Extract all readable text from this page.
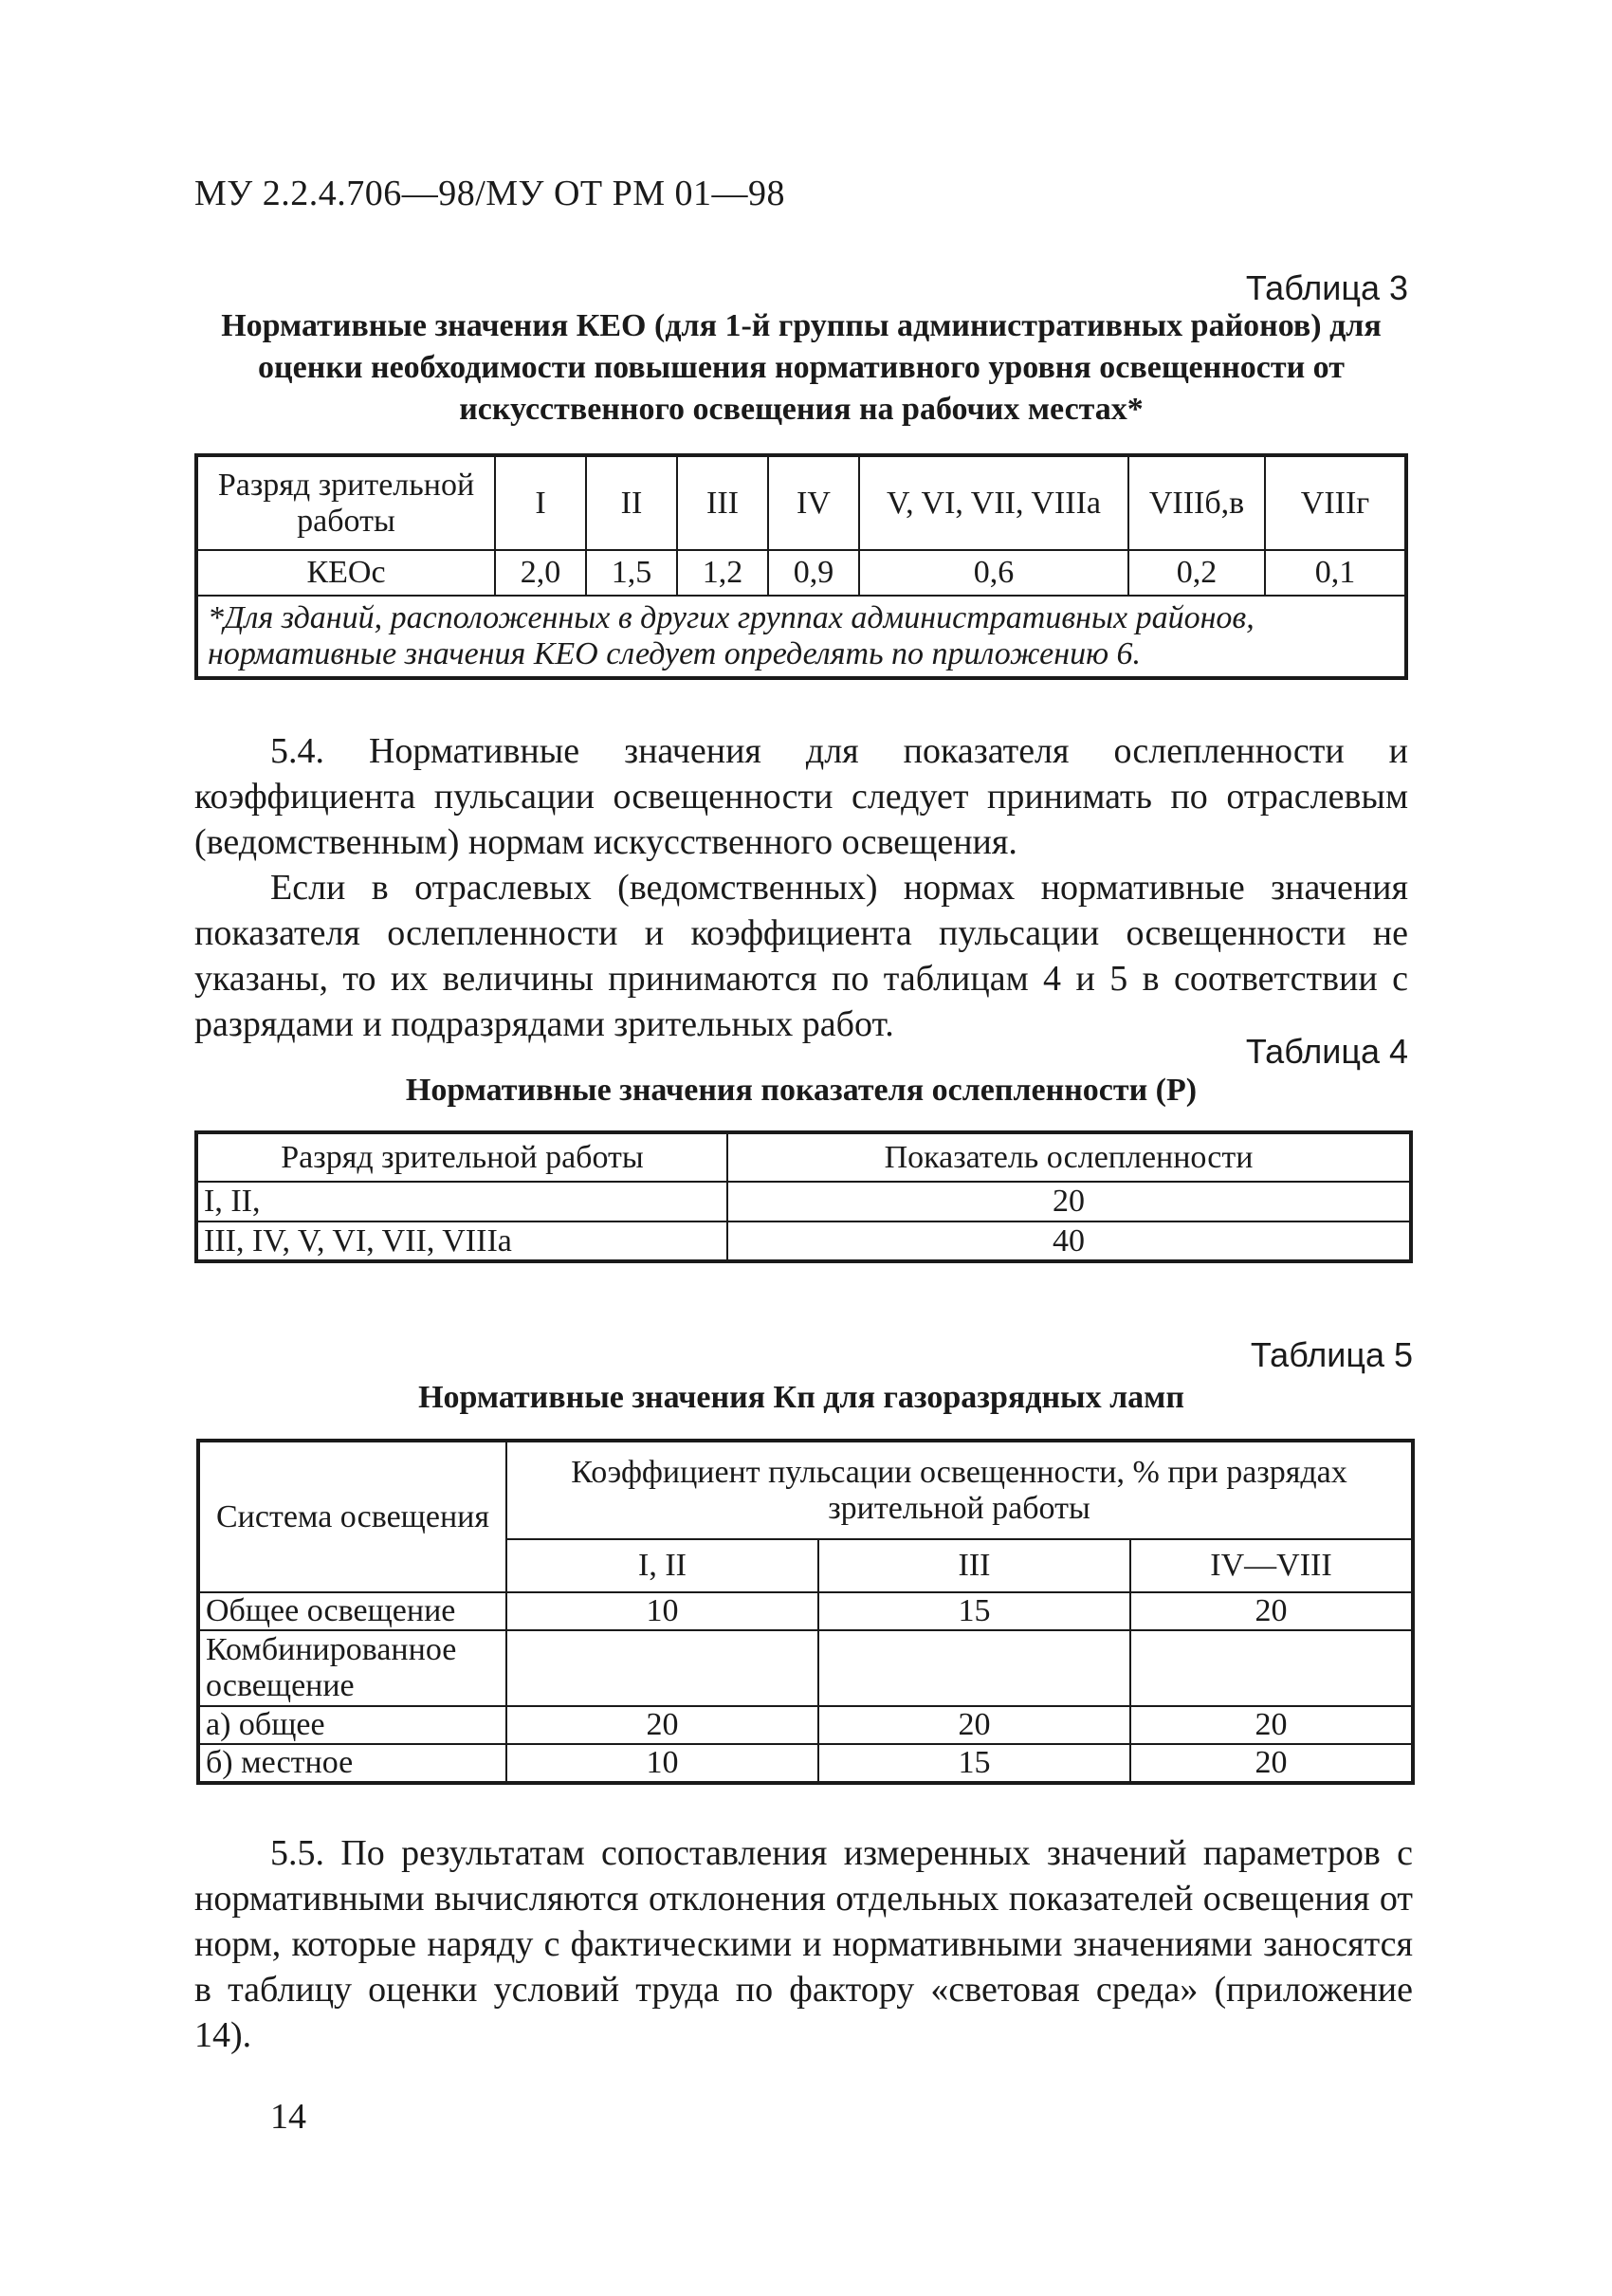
МУ 2.2.4.706—98/МУ ОТ РМ 01—98
Таблица 3
Нормативные значения КЕО (для 1-й группы административных районов) для оценки необходимости повышения нормативного уровня освещенности от искусственного освещения на рабочих местах*
Разряд зрительной работы	I	II	III	IV	V, VI, VII, VIIIа	VIIIб,в	VIIIг
КЕОс	2,0	1,5	1,2	0,9	0,6	0,2	0,1
*Для зданий, расположенных в других группах административных районов, нормативные значения КЕО следует определять по приложению 6.							

5.4. Нормативные значения для показателя ослепленности и коэффициента пульсации освещенности следует принимать по отраслевым (ведомственным) нормам искусственного освещения.

Если в отраслевых (ведомственных) нормах нормативные значения показателя ослепленности и коэффициента пульсации освещенности не указаны, то их величины принимаются по таблицам 4 и 5 в соответствии с разрядами и подразрядами зрительных работ.

Таблица 4
Нормативные значения показателя ослепленности (Р)
Разряд зрительной работы	Показатель ослепленности
I, II,	20
III, IV, V, VI, VII, VIIIа	40
Таблица 5
Нормативные значения Кп для газоразрядных ламп
Система освещения	Коэффициент пульсации освещенности, % при разрядах зрительной работы		
	I, II	III	IV—VIII
Общее освещение	10	15	20
Комбинированное освещение			
а) общее	20	20	20
б) местное	10	15	20

5.5. По результатам сопоставления измеренных значений параметров с нормативными вычисляются отклонения отдельных показателей освещения от норм, которые наряду с фактическими и нормативными значениями заносятся в таблицу оценки условий труда по фактору «световая среда» (приложение 14).

14
